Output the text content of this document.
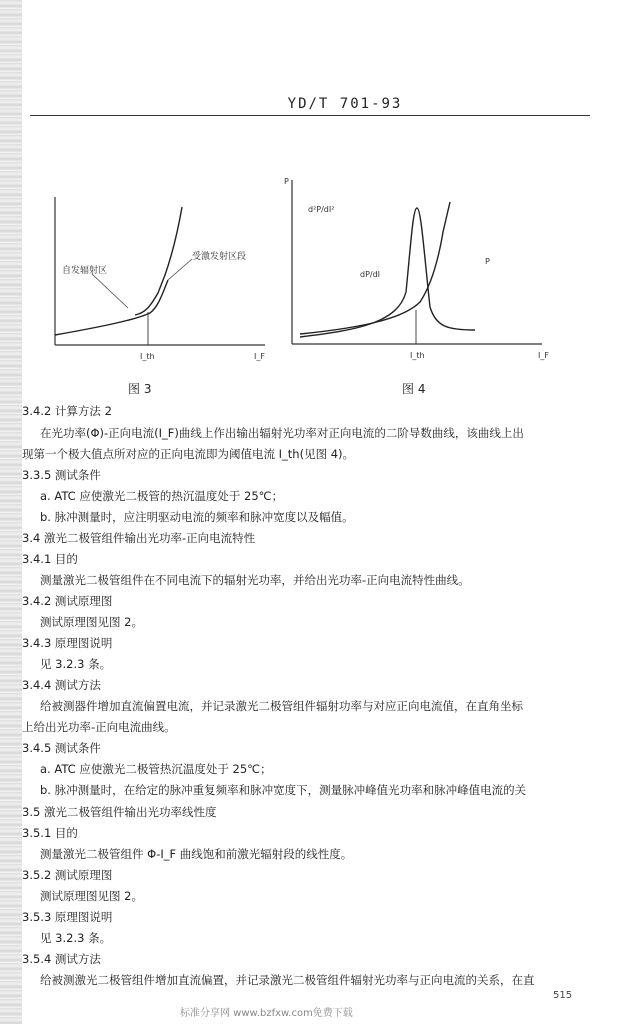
YD/T 701-93
自发辐射区
受激发射区段
I_th	I_F
图 3
P
d²P/dI²
dP/dI
P
I_th	I_F
图 4
3.4.2 计算方法 2
在光功率(Φ)-正向电流(I_F)曲线上作出输出辐射光功率对正向电流的二阶导数曲线，该曲线上出
现第一个极大值点所对应的正向电流即为阈值电流 I_th(见图 4)。
3.3.5 测试条件
a. ATC 应使激光二极管的热沉温度处于 25℃；
b. 脉冲测量时，应注明驱动电流的频率和脉冲宽度以及幅值。
3.4 激光二极管组件输出光功率-正向电流特性
3.4.1 目的
测量激光二极管组件在不同电流下的辐射光功率，并给出光功率-正向电流特性曲线。
3.4.2 测试原理图
测试原理图见图 2。
3.4.3 原理图说明
见 3.2.3 条。
3.4.4 测试方法
给被测器件增加直流偏置电流，并记录激光二极管组件辐射功率与对应正向电流值，在直角坐标
上给出光功率-正向电流曲线。
3.4.5 测试条件
a. ATC 应使激光二极管热沉温度处于 25℃；
b. 脉冲测量时，在给定的脉冲重复频率和脉冲宽度下，测量脉冲峰值光功率和脉冲峰值电流的关
3.5 激光二极管组件输出光功率线性度
3.5.1 目的
测量激光二极管组件 Φ-I_F 曲线饱和前激光辐射段的线性度。
3.5.2 测试原理图
测试原理图见图 2。
3.5.3 原理图说明
见 3.2.3 条。
3.5.4 测试方法
给被测激光二极管组件增加直流偏置，并记录激光二极管组件辐射光功率与正向电流的关系，在直
515
标准分享网 www.bzfxw.com免费下载
